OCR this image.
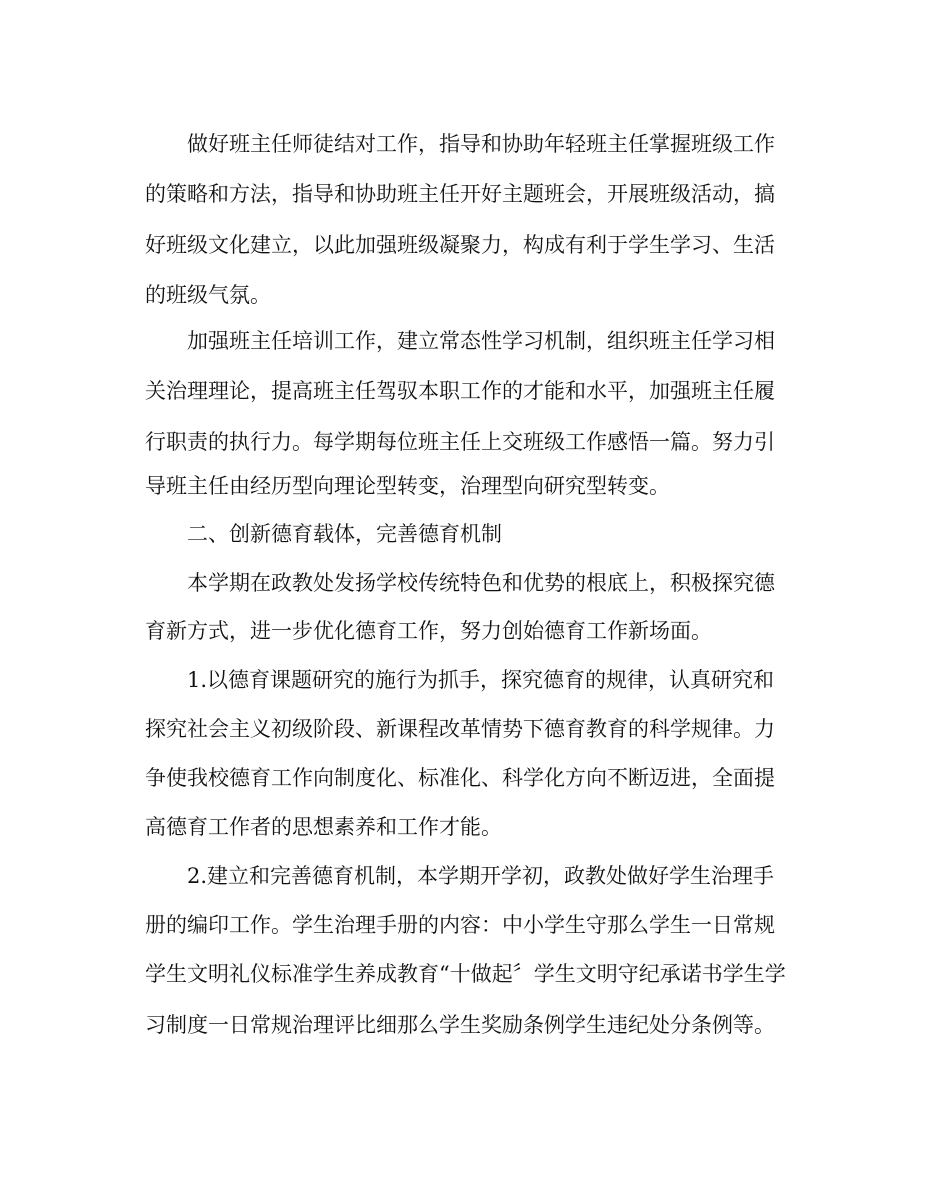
做好班主任师徒结对工作，指导和协助年轻班主任掌握班级工作

的策略和方法，指导和协助班主任开好主题班会，开展班级活动，搞

好班级文化建立，以此加强班级凝聚力，构成有利于学生学习、生活

的班级气氛。

加强班主任培训工作，建立常态性学习机制，组织班主任学习相

关治理理论，提高班主任驾驭本职工作的才能和水平，加强班主任履

行职责的执行力。每学期每位班主任上交班级工作感悟一篇。努力引

导班主任由经历型向理论型转变，治理型向研究型转变。

二、创新德育载体，完善德育机制

本学期在政教处发扬学校传统特色和优势的根底上，积极探究德

育新方式，进一步优化德育工作，努力创始德育工作新场面。

1.以德育课题研究的施行为抓手，探究德育的规律，认真研究和

探究社会主义初级阶段、新课程改革情势下德育教育的科学规律。力

争使我校德育工作向制度化、标准化、科学化方向不断迈进，全面提

高德育工作者的思想素养和工作才能。

2.建立和完善德育机制，本学期开学初，政教处做好学生治理手

册的编印工作。学生治理手册的内容：中小学生守那么学生一日常规

学生文明礼仪标准学生养成教育“十做起〞学生文明守纪承诺书学生学

习制度一日常规治理评比细那么学生奖励条例学生违纪处分条例等。
